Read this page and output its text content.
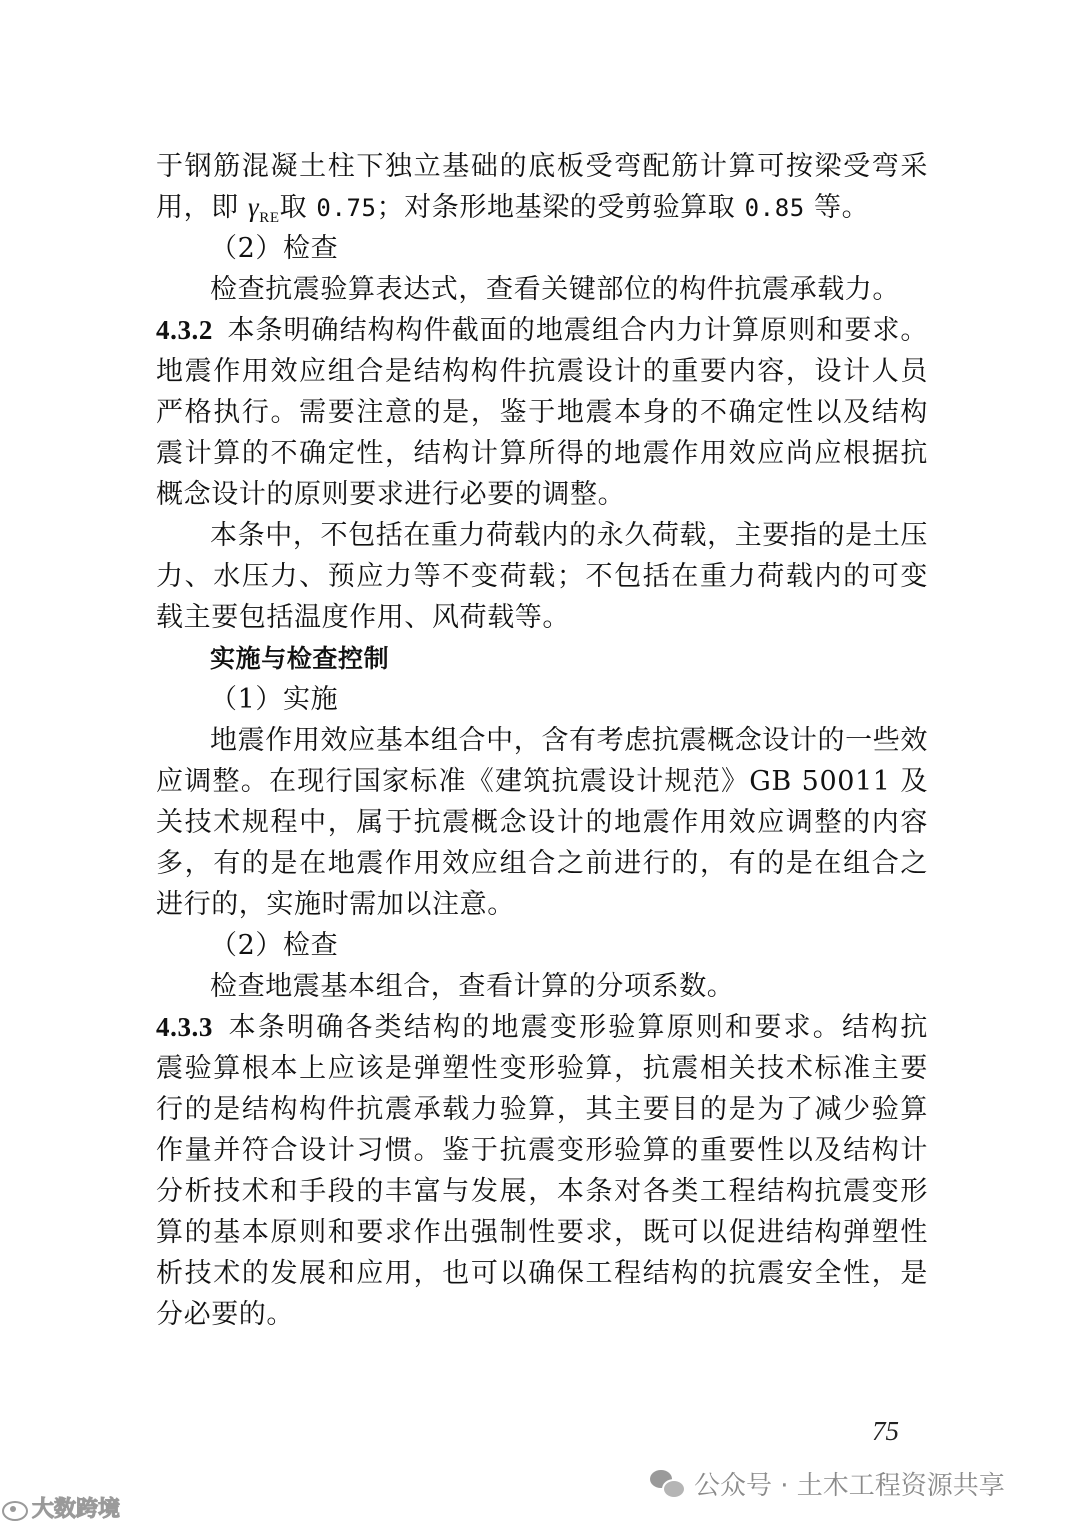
于钢筋混凝土柱下独立基础的底板受弯配筋计算可按梁受弯采
用，即 $\gamma_{RE}$取 0.75；对条形地基梁的受剪验算取 0.85 等。
（2）检查
检查抗震验算表达式，查看关键部位的构件抗震承载力。
4.3.2 本条明确结构构件截面的地震组合内力计算原则和要求。
地震作用效应组合是结构构件抗震设计的重要内容，设计人员
严格执行。需要注意的是，鉴于地震本身的不确定性以及结构
震计算的不确定性，结构计算所得的地震作用效应尚应根据抗
概念设计的原则要求进行必要的调整。
本条中，不包括在重力荷载内的永久荷载，主要指的是土压
力、水压力、预应力等不变荷载；不包括在重力荷载内的可变
载主要包括温度作用、风荷载等。
实施与检查控制
（1）实施
地震作用效应基本组合中，含有考虑抗震概念设计的一些效
应调整。在现行国家标准《建筑抗震设计规范》GB 50011 及
关技术规程中，属于抗震概念设计的地震作用效应调整的内容
多，有的是在地震作用效应组合之前进行的，有的是在组合之
进行的，实施时需加以注意。
（2）检查
检查地震基本组合，查看计算的分项系数。
4.3.3 本条明确各类结构的地震变形验算原则和要求。结构抗
震验算根本上应该是弹塑性变形验算，抗震相关技术标准主要
行的是结构构件抗震承载力验算，其主要目的是为了减少验算
作量并符合设计习惯。鉴于抗震变形验算的重要性以及结构计
分析技术和手段的丰富与发展，本条对各类工程结构抗震变形
算的基本原则和要求作出强制性要求，既可以促进结构弹塑性
析技术的发展和应用，也可以确保工程结构的抗震安全性，是
分必要的。
75
公众号 · 土木工程资源共享
大数跨境
